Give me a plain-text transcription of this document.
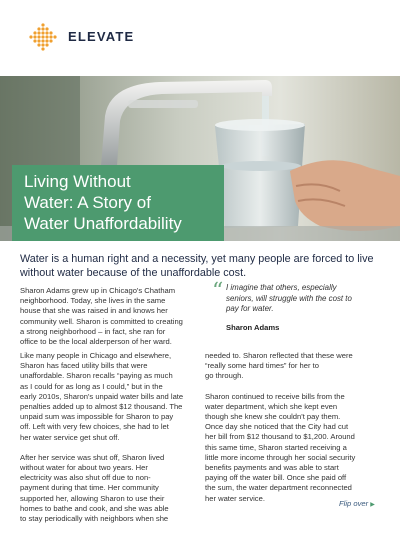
ELEVATE
Living Without
Water: A Story of
Water Unaffordability
Water is a human right and a necessity, yet many people are forced to live without water because of the unaffordable cost.
Sharon Adams grew up in Chicago's Chatham
neighborhood. Today, she lives in the same
house that she was raised in and knows her
community well. Sharon is committed to creating
a strong neighborhood – in fact, she ran for
office to be the local alderperson of her ward.
“ I imagine that others, especially
seniors, will struggle with the cost to
pay for water.
Sharon Adams

Like many people in Chicago and elsewhere,
Sharon has faced utility bills that were
unaffordable. Sharon recalls “paying as much
as I could for as long as I could,” but in the
early 2010s, Sharon's unpaid water bills and late
penalties added up to almost $12 thousand. The
unpaid sum was impossible for Sharon to pay
off. Left with very few choices, she had to let
her water service get shut off.

After her service was shut off, Sharon lived
without water for about two years. Her
electricity was also shut off due to non-
payment during that time. Her community
supported her, allowing Sharon to use their
homes to bathe and cook, and she was able
to stay periodically with neighbors when she

needed to. Sharon reflected that these were
“really some hard times” for her to
go through.

Sharon continued to receive bills from the
water department, which she kept even
though she knew she couldn't pay them.
Once day she noticed that the City had cut
her bill from $12 thousand to $1,200. Around
this same time, Sharon started receiving a
little more income through her social security
benefits payments and was able to start
paying off the water bill. Once she paid off
the sum, the water department reconnected
her water service.

Flip over ▶
